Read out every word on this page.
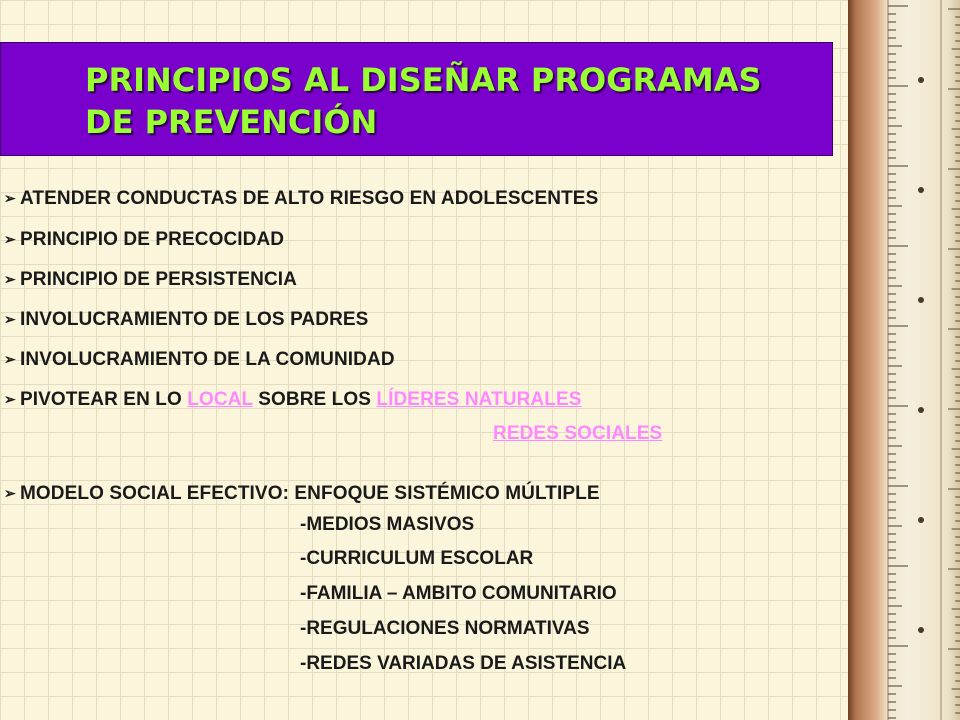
PRINCIPIOS AL DISEÑAR PROGRAMAS
DE PREVENCIÓN
➢ ATENDER CONDUCTAS DE ALTO RIESGO EN ADOLESCENTES
➢ PRINCIPIO DE PRECOCIDAD
➢ PRINCIPIO DE PERSISTENCIA
➢ INVOLUCRAMIENTO DE LOS PADRES
➢ INVOLUCRAMIENTO DE LA COMUNIDAD
➢ PIVOTEAR EN LO LOCAL SOBRE LOS LÍDERES NATURALES
REDES SOCIALES
➢ MODELO SOCIAL EFECTIVO: ENFOQUE SISTÉMICO MÚLTIPLE
-MEDIOS MASIVOS
-CURRICULUM ESCOLAR
-FAMILIA – AMBITO COMUNITARIO
-REGULACIONES NORMATIVAS
-REDES VARIADAS DE ASISTENCIA
